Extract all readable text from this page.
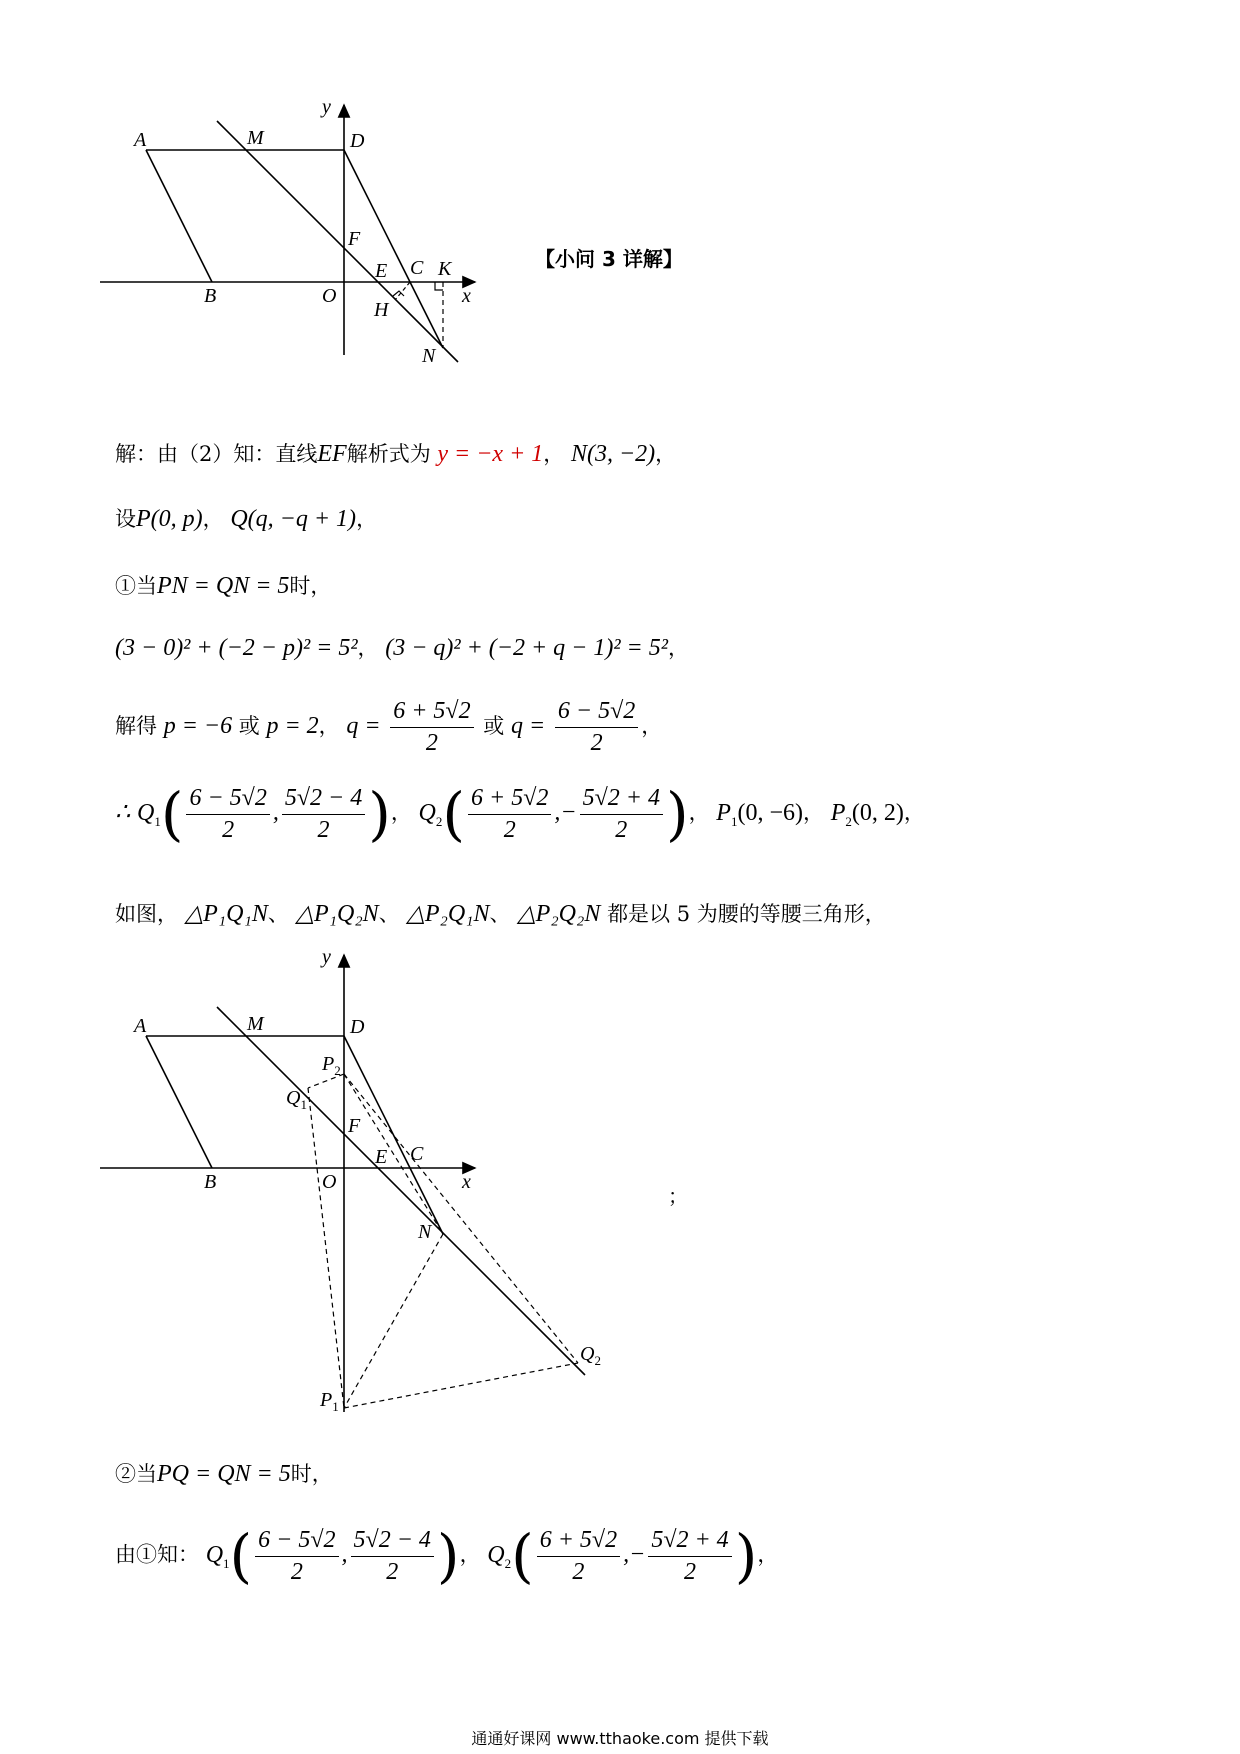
A	M	D
y
F
E C K
B	O	x
H
N
【小问 3 详解】
解：由（2）知：直线EF解析式为 y = −x + 1， N(3, −2)，
设P(0, p)， Q(q, −q + 1)，
①当PN = QN = 5时，
(3 − 0)² + (−2 − p)² = 5²， (3 − q)² + (−2 + q − 1)² = 5²，
解得 p = −6 或 p = 2， $q = \frac{6 + 5√2}{2}$ 或 $q = \frac{6 - 5√2}{2}$ ，
∴ $Q_1( \frac{6 - 5√2}{2}$ , $\frac{5√2 - 4}{2}$ )， $Q_2( \frac{6 + 5√2}{2}$ ,− $\frac{5√2 + 4}{2}$ )， $P_1(0$, −6)， $P_2(0$, 2)，
如图， △P₁Q₁N、 △P₁Q₂N、 △P₂Q₁N、 △P₂Q₂N 都是以 5 为腰的等腰三角形，
y
A	M	D
$P_2$
$Q_1$
F
E C
B	O	x
N
$Q_2$
$P_1$
；
②当PQ = QN = 5时，
由①知： $Q_1( \frac{6 - 5√2}{2}$ , $\frac{5√2 - 4}{2}$ )， $Q_2( \frac{6 + 5√2}{2}$ ,− $\frac{5√2 + 4}{2}$ )，
通通好课网 www.tthaoke.com 提供下载
